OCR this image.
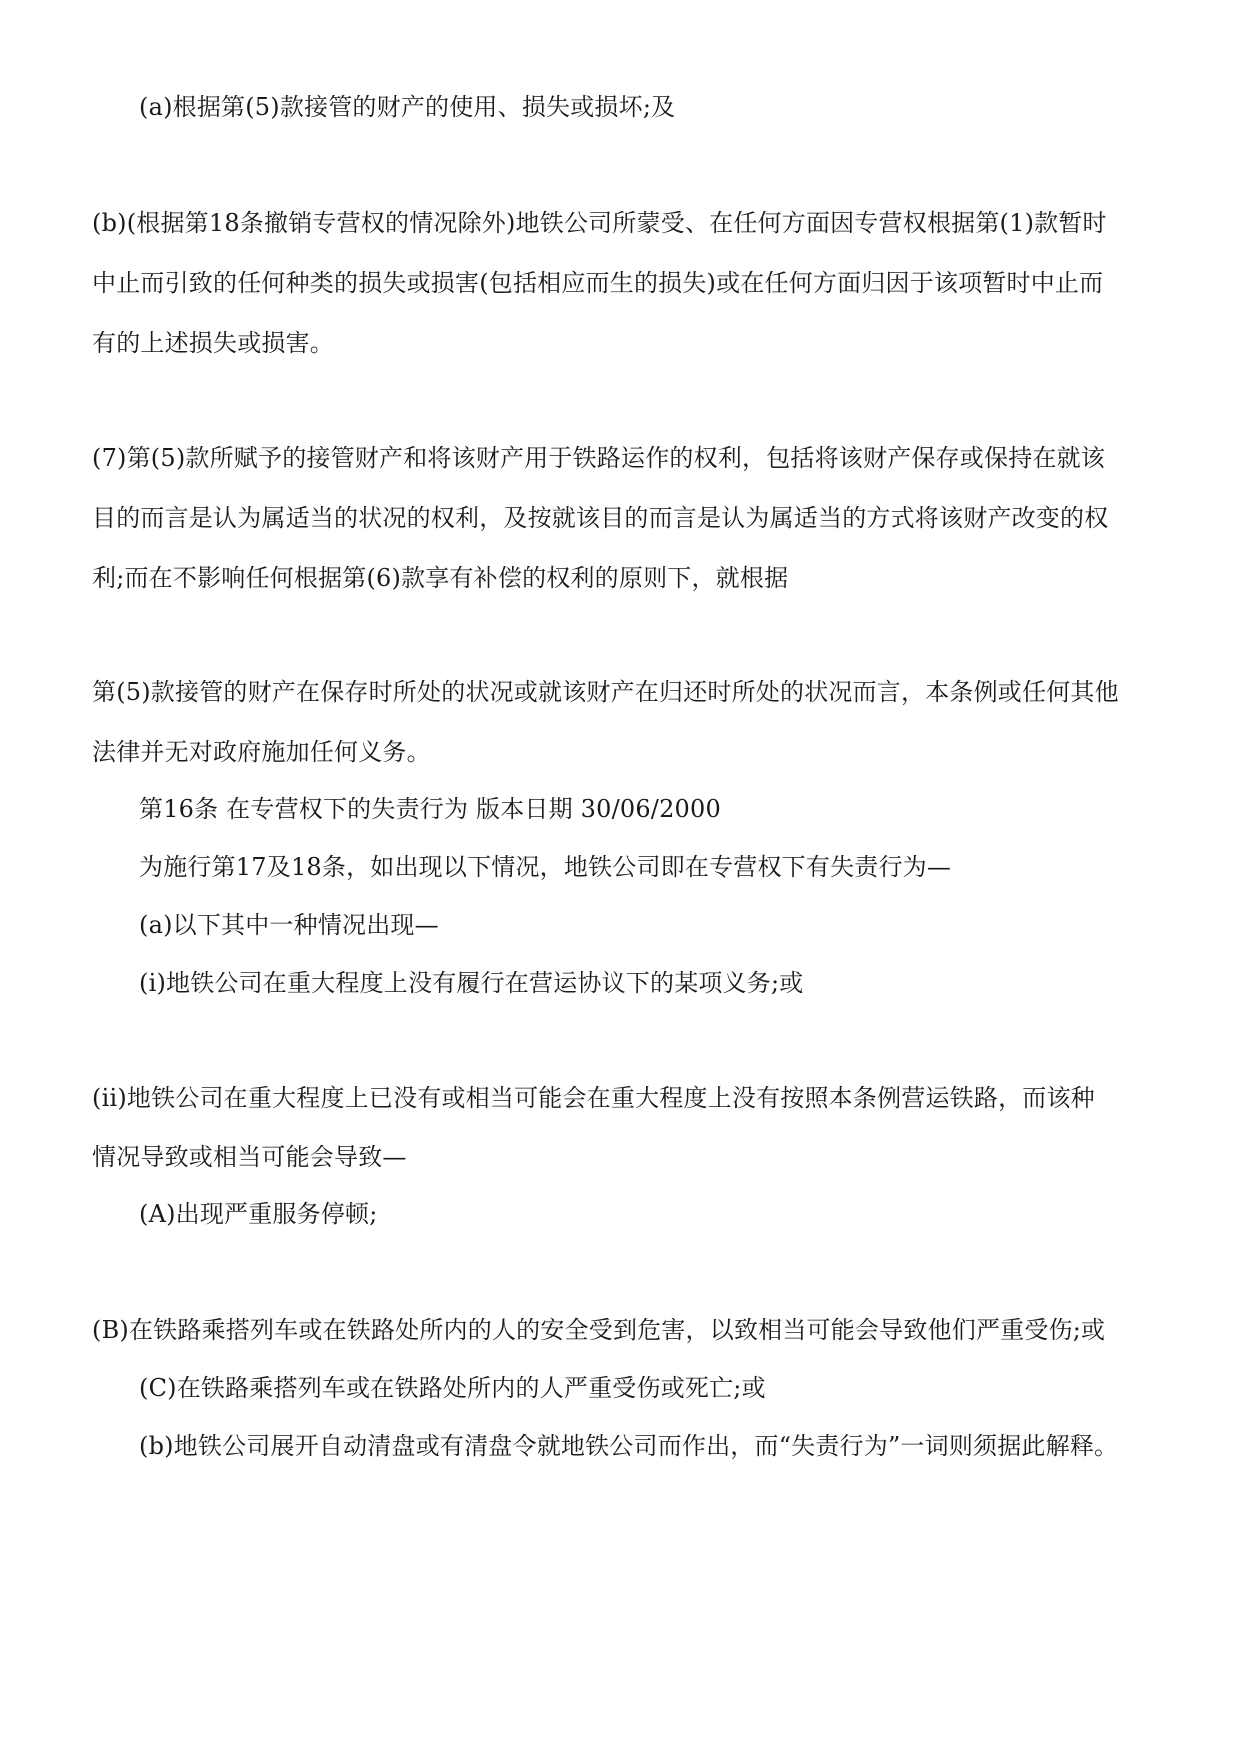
(a)根据第(5)款接管的财产的使用、损失或损坏;及
(b)(根据第18条撤销专营权的情况除外)地铁公司所蒙受、在任何方面因专营权根据第(1)款暂时
中止而引致的任何种类的损失或损害(包括相应而生的损失)或在任何方面归因于该项暂时中止而
有的上述损失或损害。
(7)第(5)款所赋予的接管财产和将该财产用于铁路运作的权利，包括将该财产保存或保持在就该
目的而言是认为属适当的状况的权利，及按就该目的而言是认为属适当的方式将该财产改变的权
利;而在不影响任何根据第(6)款享有补偿的权利的原则下，就根据
第(5)款接管的财产在保存时所处的状况或就该财产在归还时所处的状况而言，本条例或任何其他
法律并无对政府施加任何义务。
第16条 在专营权下的失责行为 版本日期 30/06/2000
为施行第17及18条，如出现以下情况，地铁公司即在专营权下有失责行为—
(a)以下其中一种情况出现—
(i)地铁公司在重大程度上没有履行在营运协议下的某项义务;或
(ii)地铁公司在重大程度上已没有或相当可能会在重大程度上没有按照本条例营运铁路，而该种
情况导致或相当可能会导致—
(A)出现严重服务停顿;
(B)在铁路乘搭列车或在铁路处所内的人的安全受到危害，以致相当可能会导致他们严重受伤;或
(C)在铁路乘搭列车或在铁路处所内的人严重受伤或死亡;或
(b)地铁公司展开自动清盘或有清盘令就地铁公司而作出，而“失责行为”一词则须据此解释。
